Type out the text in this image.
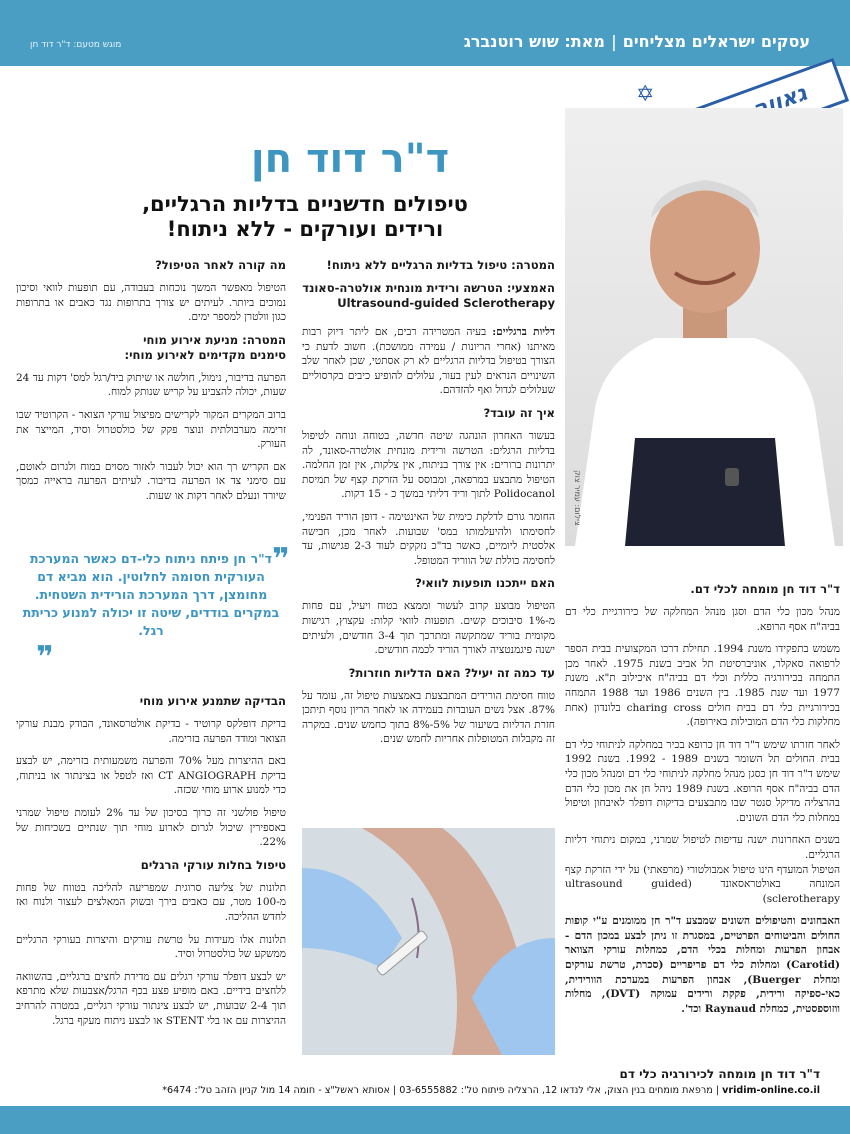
עסקים ישראלים מצליחים|מאת: שוש רוטנברג
מוגש מטעם: ד"ר דוד חן
✡
ד"ר דוד חן
טיפולים חדשניים בדליות הרגליים,
ורידים ועורקים - ללא ניתוח!
צילום: עמיר צוק

המטרה: טיפול בדליות הרגליים ללא ניתוח!

האמצעי: הטרשה ורידית מונחית אולטרה-סאונד

Ultrasound-guided Sclerotherapy

דליות ברגליים: בעיה המטרידה רבים, אם ליתר דיוק רבות מאיתנו (אחרי הריונות / עמידה ממושכת). חשוב לדעת כי הצורך בטיפול בדליות הרגליים לא רק אסתטי, שכן לאחר שלב השינויים הנראים לעין בעור, עלולים להופיע כיבים בקרסוליים שעלולים לגדול ואף להזדהם.

איך זה עובד?

בעשור האחרון הונהגה שיטה חדשה, בטוחה ונוחה לטיפול בדליות הרגלים: הטרשה ורידית מונחית אולטרה-סאונד, לה יתרונות ברורים: אין צורך בניתוח, אין צלקות, אין זמן החלמה. הטיפול מתבצע במרפאה, ומבוסס על הזרקת קצף של תמיסת Polidocanol לתוך וריד דליתי במשך כ - 15 דקות.

החומר גורם לדלקת כימית של האינטימה - דופן הוריד הפנימי, לחסימתו ולהיעלמותו במס' שבועות. לאחר מכן, חבישה אלסטית ליומיים, כאשר בד"כ נזקקים לעוד 2-3 פגישות, עד לחסימה כוללת של הווריד המטופל.

האם ייתכנו תופעות לוואי?

הטיפול מבוצע קרוב לעשור וממצא בטוח ויעיל, עם פחות מ-1% סיבוכים קשים. תופעות לוואי קלות: עקצוץ, רגישות מקומית בוריד שמתקשה ומתרכך תוך 3-4 חודשים, ולעיתים ישנה פיגמנטציה לאורך הוריד לכמה חודשים.

עד כמה זה יעיל? האם הדליות חוזרות?

טווח חסימת הורידים המתבצעת באמצעות טיפול זה, עומד על 87%. אצל נשים העובדות בעמידה או לאחר הריון נוסף תיתכן חזרת הדליות בשיעור של 5%-8% בתוך כחמש שנים. במקרה זה מקבלות המטופלות אחריות לחמש שנים.

מה קורה לאחר הטיפול?

הטיפול מאפשר המשך נוכחות בעבודה, עם תופעות לוואי וסיכון נמוכים ביותר. לעיתים יש צורך בתרופות נגד כאבים או בתרופות כגון וולטרן למספר ימים.

המטרה: מניעת אירוע מוחי

סימנים מקדימים לאירוע מוחי:

הפרעה בדיבור, נימול, חולשה או שיתוק ביד/רגל למס' דקות עד 24 שעות, יכולה להצביע על קריש שנותק למוח.

ברוב המקרים המקור לקרישים מפיצול עורקי הצואר - הקרוטיד שבו זרימה מערבולתית ונוצר פקק של כולסטרול וסיד, המייצר את העורק.

אם הקריש רך הוא יכול לעבור לאזור מסוים במוח ולגרום לאוטם, עם סימני צד או הפרעה בדיבור. לעיתים הפרעה בראייה כמסך שיורד ונעלם לאחר דקות או שעות.

❞
ד"ר חן פיתח ניתוח כלי-דם כאשר המערכת העורקית חסומה לחלוטין. הוא מביא דם מחומצן, דרך המערכת הורידית השטחית. במקרים בודדים, שיטה זו יכולה למנוע כריתת רגל.
❞

הבדיקה שתמנע אירוע מוחי

בדיקת דופלקס קרוטיד - בדיקת אולטרסאונד, הבודק מבנת עורקי הצואר ומודד הפרעה בזרימה.

באם ההיצרות מעל 70% והפרעה משמעותית בזרימה, יש לבצע בדיקת CT ANGIOGRAPH ואז לטפל או בצינתור או בניתוח, כדי למנוע ארוע מוחי שכזה.

טיפול פולשני זה כרוך בסיכון של עד 2% לעומת טיפול שמרני באספירין שיכול לגרום לארוע מוחי תוך שנתיים בשכיחות של 22%.

טיפול בחלות עורקי הרגלים

תלונות של צליעה סרוגית שמפריעה להליכה בטווח של פחות מ-100 מטר, עם כאבים בירך ובשוק המאלצים לעצור ולנוח ואז לחדש ההליכה.

תלונות אלו מעידות על טרשת עורקים והיצרות בעורקי הרגליים ממשקע של כולסטרול וסיד.

יש לבצע דופלר עורקי רגלים עם מדידת לחצים ברגליים, בהשוואה ללחצים בידיים. באם מופיע פצע בכף הרגל/אצבעות שלא מתרפא תוך 2-4 שבועות, יש לבצע צינתור עורקי רגליים, במטרה להרחיב ההיצרות עם או בלי STENT או לבצע ניתוח מעקף ברגל.

ד"ר דוד חן מומחה לכלי דם.

מנהל מכון כלי הדם וסגן מנהל המחלקה של כירורגיית כלי דם בביה"ח אסף הרופא.

משמש בתפקידו משנת 1994. תחילת דרכו המקצועית בבית הספר לרפואה סאקלר, אוניברסיטת תל אביב בשנת 1975. לאחר מכן התמחה בכירורגיה כללית וכלי דם בביה"ח איכילוב ת"א. משנת 1977 ועד שנת 1985. בין השנים 1986 ועד 1988 התמחה בכירורגיית כלי דם בבית חולים charing cross בלונדון (אחת מחלקות כלי הדם המובילות באירופה).

לאחר חזרתו שימש ד"ר דוד חן כרופא בכיר במחלקה לניתוחי כלי דם בבית החולים תל השומר בשנים 1989 - 1992. בשנת 1992 שימש ד"ר דוד חן כסגן מנהל מחלקה לניתוחי כלי דם ומנהל מכון כלי הדם בביה"ח אסף הרופא. בשנת 1989 ניהל חן את מכון כלי הדם בהרצליה מדיקל סנטר שבו מתבצעים בדיקות דופלר לאיבחון וטיפול במחלות כלי הדם השונים.

בשנים האחרונות ישנה עדיפות לטיפול שמרני, במקום ניתוחי דליות הרגליים.

הטיפול המועדף הינו טיפול אמבולטורי (מרפאתי) על ידי הזרקת קצף המונחה באולטראסאונד (ultrasound guided sclerotherapy)

האבחונים והטיפולים השונים שמבצע ד"ר חן ממומנים ע"י קופות החולים והביטוחים הפרטיים, במסגרת זו ניתן לבצע במכון הדם - אבחון הפרעות ומחלות בכלי הדם, כמחלות עורקי הצוואר (Carotid) ומחלות כלי דם פריפריים (סכרת, טרשת עורקים ומחלת Buerger), אבחון הפרעות במערכת הוורידית, כאי-ספיקה ורידית, פקקת ורידים עמוקה (DVT), מחלות ווזוספסטית, כמחלת Raynaud וכד'.

ד"ר דוד חן מומחה לכירורגיה כלי דם
vridim-online.co.il | מרפאת מומחים בנין הצוק, אלי לנדאו 12, הרצליה פיתוח טל': 03-6555882 | אסותא ראשל"צ - חומה 14 מול קניון הזהב טל': 6474*
